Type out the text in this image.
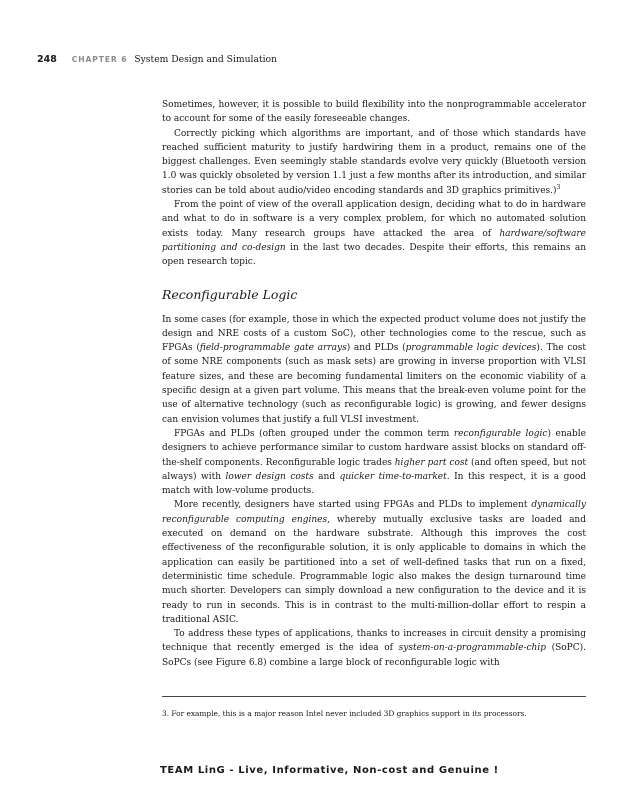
248 CHAPTER 6 System Design and Simulation

Sometimes, however, it is possible to build flexibility into the nonprogrammable accelerator to account for some of the easily foreseeable changes.

Correctly picking which algorithms are important, and of those which standards have reached sufficient maturity to justify hardwiring them in a product, remains one of the biggest challenges. Even seemingly stable standards evolve very quickly (Bluetooth version 1.0 was quickly obsoleted by version 1.1 just a few months after its introduction, and similar stories can be told about audio/video encoding standards and 3D graphics primitives.)$^3$

From the point of view of the overall application design, deciding what to do in hardware and what to do in software is a very complex problem, for which no automated solution exists today. Many research groups have attacked the area of hardware/software partitioning and co-design in the last two decades. Despite their efforts, this remains an open research topic.

Reconfigurable Logic

In some cases (for example, those in which the expected product volume does not justify the design and NRE costs of a custom SoC), other technologies come to the rescue, such as FPGAs (field-programmable gate arrays) and PLDs (programmable logic devices). The cost of some NRE components (such as mask sets) are growing in inverse proportion with VLSI feature sizes, and these are becoming fundamental limiters on the economic viability of a specific design at a given part volume. This means that the break-even volume point for the use of alternative technology (such as reconfigurable logic) is growing, and fewer designs can envision volumes that justify a full VLSI investment.

FPGAs and PLDs (often grouped under the common term reconfigurable logic) enable designers to achieve performance similar to custom hardware assist blocks on standard off-the-shelf components. Reconfigurable logic trades higher part cost (and often speed, but not always) with lower design costs and quicker time-to-market. In this respect, it is a good match with low-volume products.

More recently, designers have started using FPGAs and PLDs to implement dynamically reconfigurable computing engines, whereby mutually exclusive tasks are loaded and executed on demand on the hardware substrate. Although this improves the cost effectiveness of the reconfigurable solution, it is only applicable to domains in which the application can easily be partitioned into a set of well-defined tasks that run on a fixed, deterministic time schedule. Programmable logic also makes the design turnaround time much shorter. Developers can simply download a new configuration to the device and it is ready to run in seconds. This is in contrast to the multi-million-dollar effort to respin a traditional ASIC.

To address these types of applications, thanks to increases in circuit density a promising technique that recently emerged is the idea of system-on-a-programmable-chip (SoPC). SoPCs (see Figure 6.8) combine a large block of reconfigurable logic with

3. For example, this is a major reason Intel never included 3D graphics support in its processors.
TEAM LinG - Live, Informative, Non-cost and Genuine !
